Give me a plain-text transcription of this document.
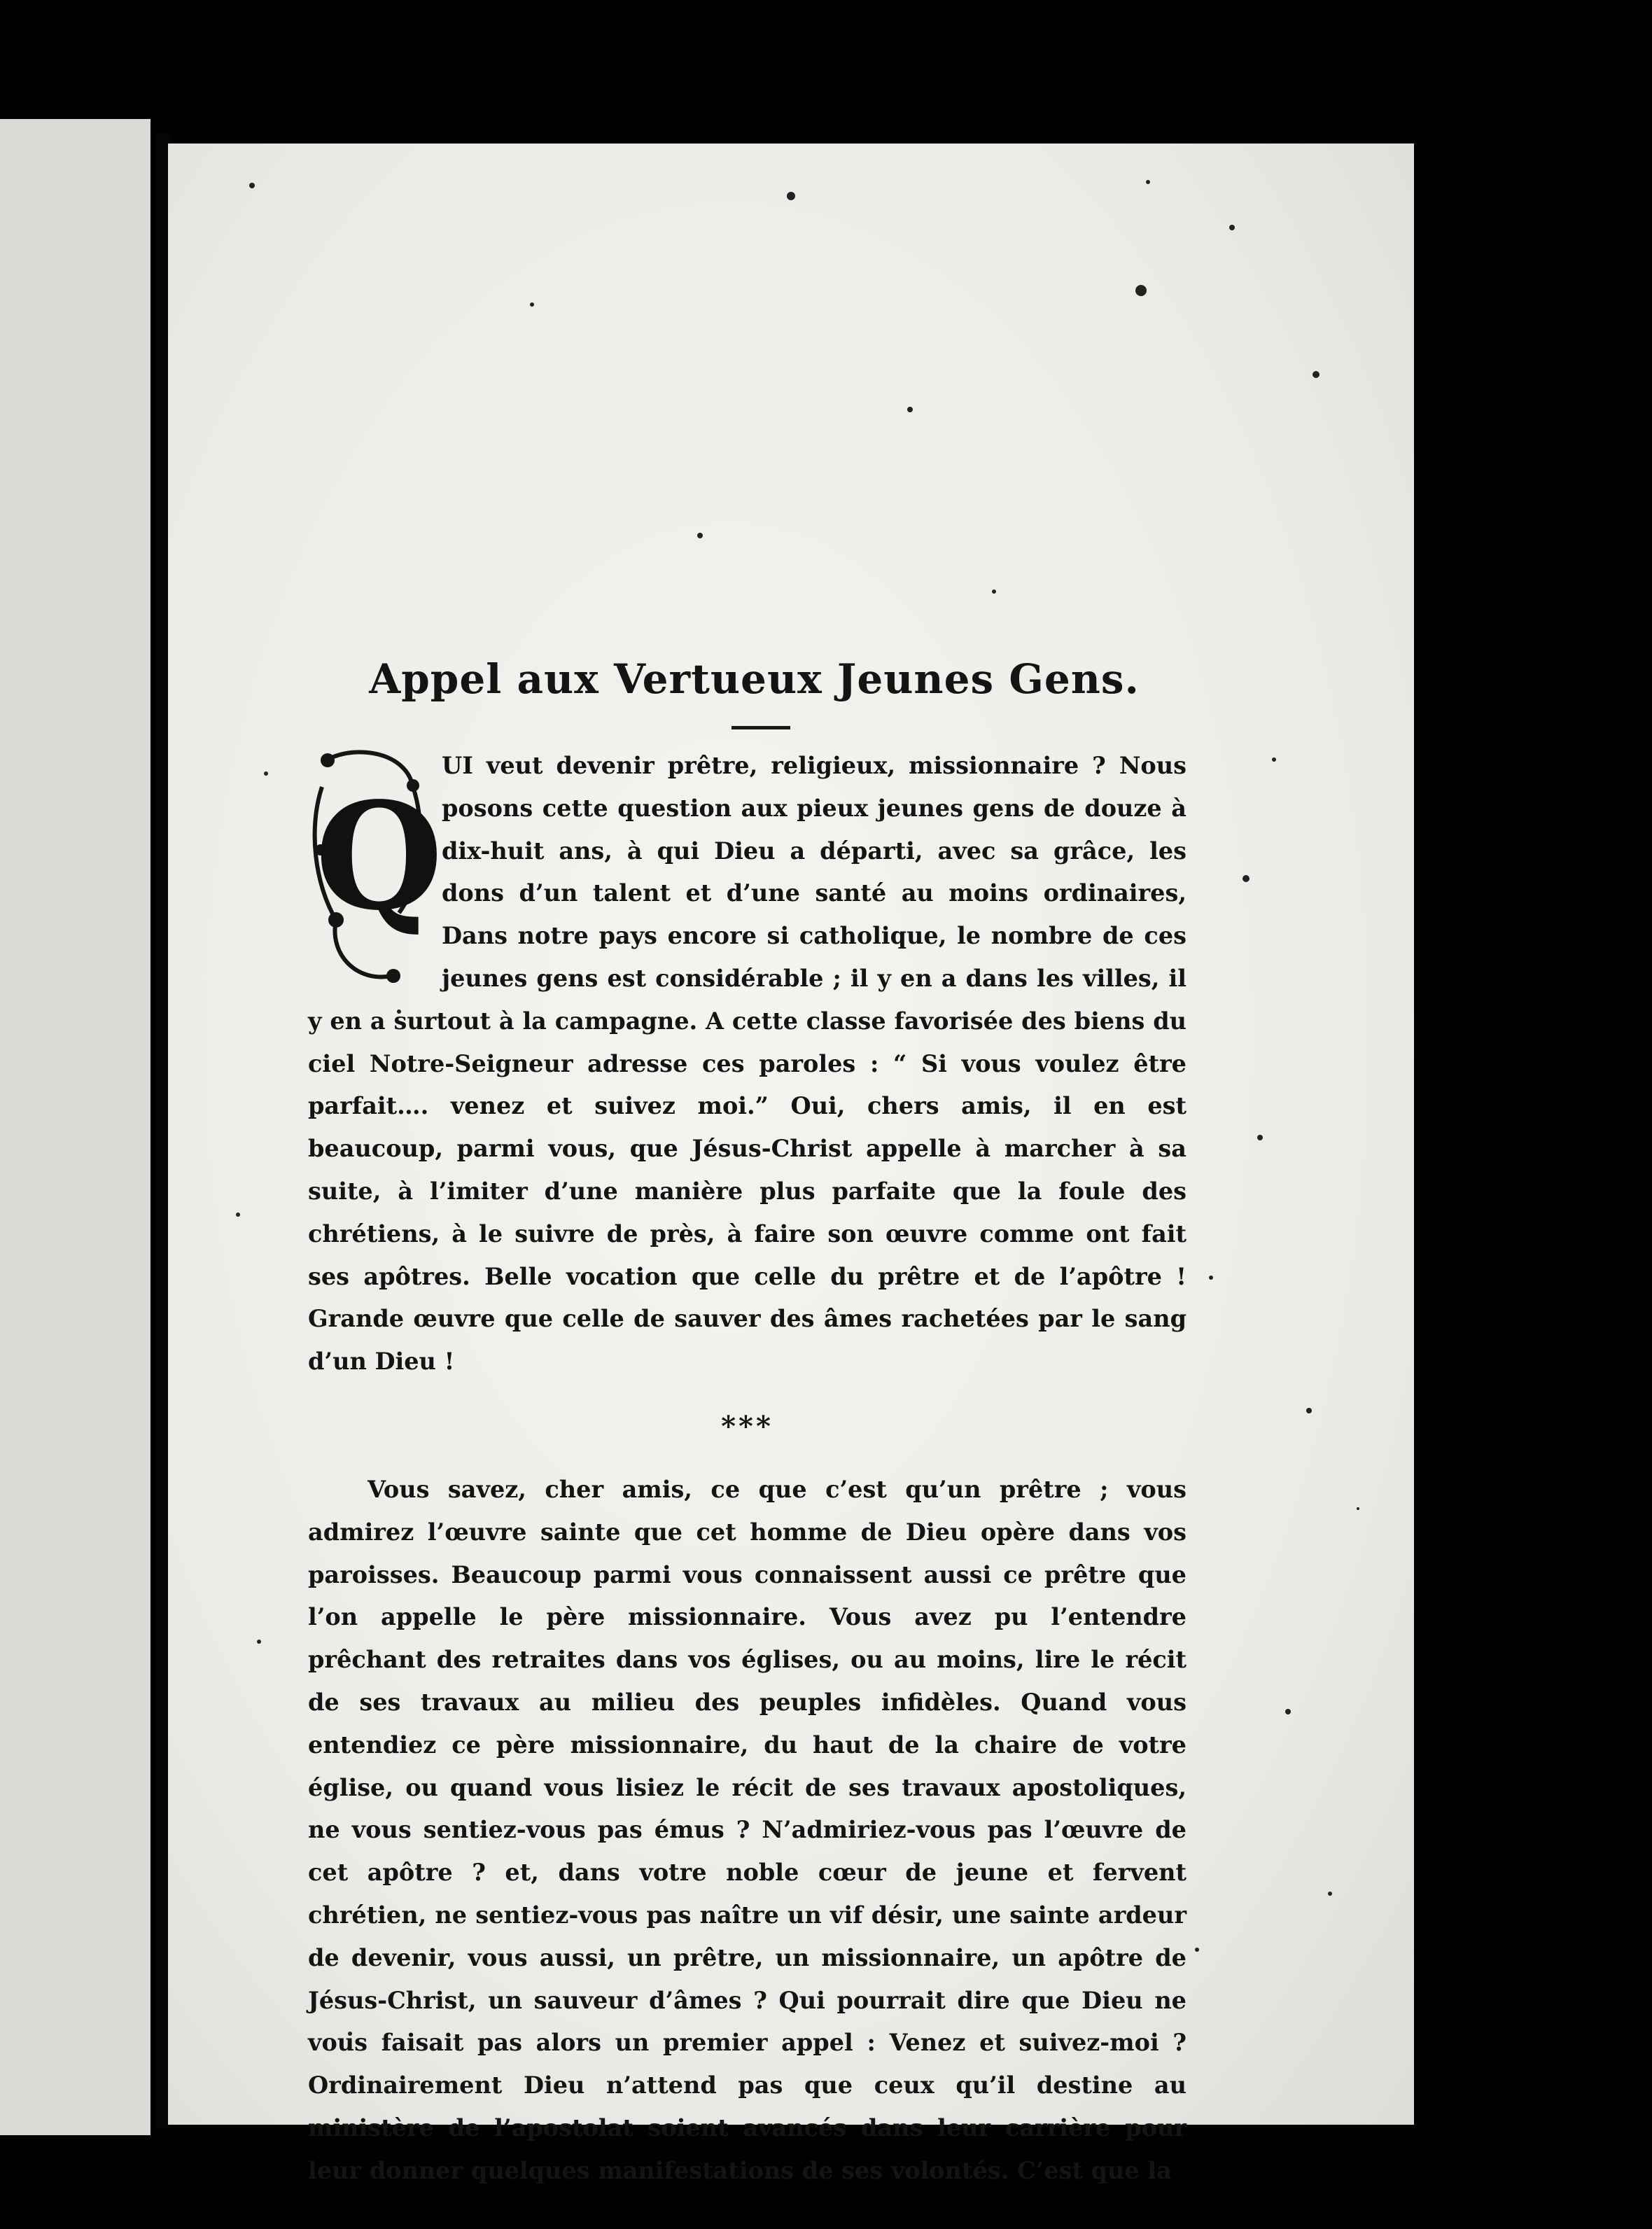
Appel aux Vertueux Jeunes Gens.
Q
UI veut devenir prêtre, religieux, missionnaire ? Nous posons cette question aux pieux jeunes gens de douze à dix-huit ans, à qui Dieu a départi, avec sa grâce, les dons d’un talent et d’une santé au moins ordinaires, Dans notre pays encore si catholique, le nombre de ces jeunes gens est considérable ; il y en a dans les villes, il y en a surtout à la campagne. A cette classe favorisée des biens du ciel Notre-Seigneur adresse ces paroles : “ Si vous voulez être parfait…. venez et suivez moi.” Oui, chers amis, il en est beaucoup, parmi vous, que Jésus-Christ appelle à marcher à sa suite, à l’imiter d’une manière plus parfaite que la foule des chrétiens, à le suivre de près, à faire son œuvre comme ont fait ses apôtres. Belle vocation que celle du prêtre et de l’apôtre ! Grande œuvre que celle de sauver des âmes rachetées par le sang d’un Dieu !
***
Vous savez, cher amis, ce que c’est qu’un prêtre ; vous admirez l’œuvre sainte que cet homme de Dieu opère dans vos paroisses. Beaucoup parmi vous connaissent aussi ce prêtre que l’on appelle le père missionnaire. Vous avez pu l’entendre prêchant des retraites dans vos églises, ou au moins, lire le récit de ses travaux au milieu des peuples infidèles. Quand vous entendiez ce père missionnaire, du haut de la chaire de votre église, ou quand vous lisiez le récit de ses travaux apostoliques, ne vous sentiez-vous pas émus ? N’admiriez-vous pas l’œuvre de cet apôtre ? et, dans votre noble cœur de jeune et fervent chrétien, ne sentiez-vous pas naître un vif désir, une sainte ardeur de devenir, vous aussi, un prêtre, un missionnaire, un apôtre de Jésus-Christ, un sauveur d’âmes ? Qui pourrait dire que Dieu ne vous faisait pas alors un premier appel : Venez et suivez-moi ? Ordinairement Dieu n’attend pas que ceux qu’il destine au ministère de l’apostolat soient avancés dans leur carrière pour leur donner quelques manifestations de ses volontés. C’est que la
